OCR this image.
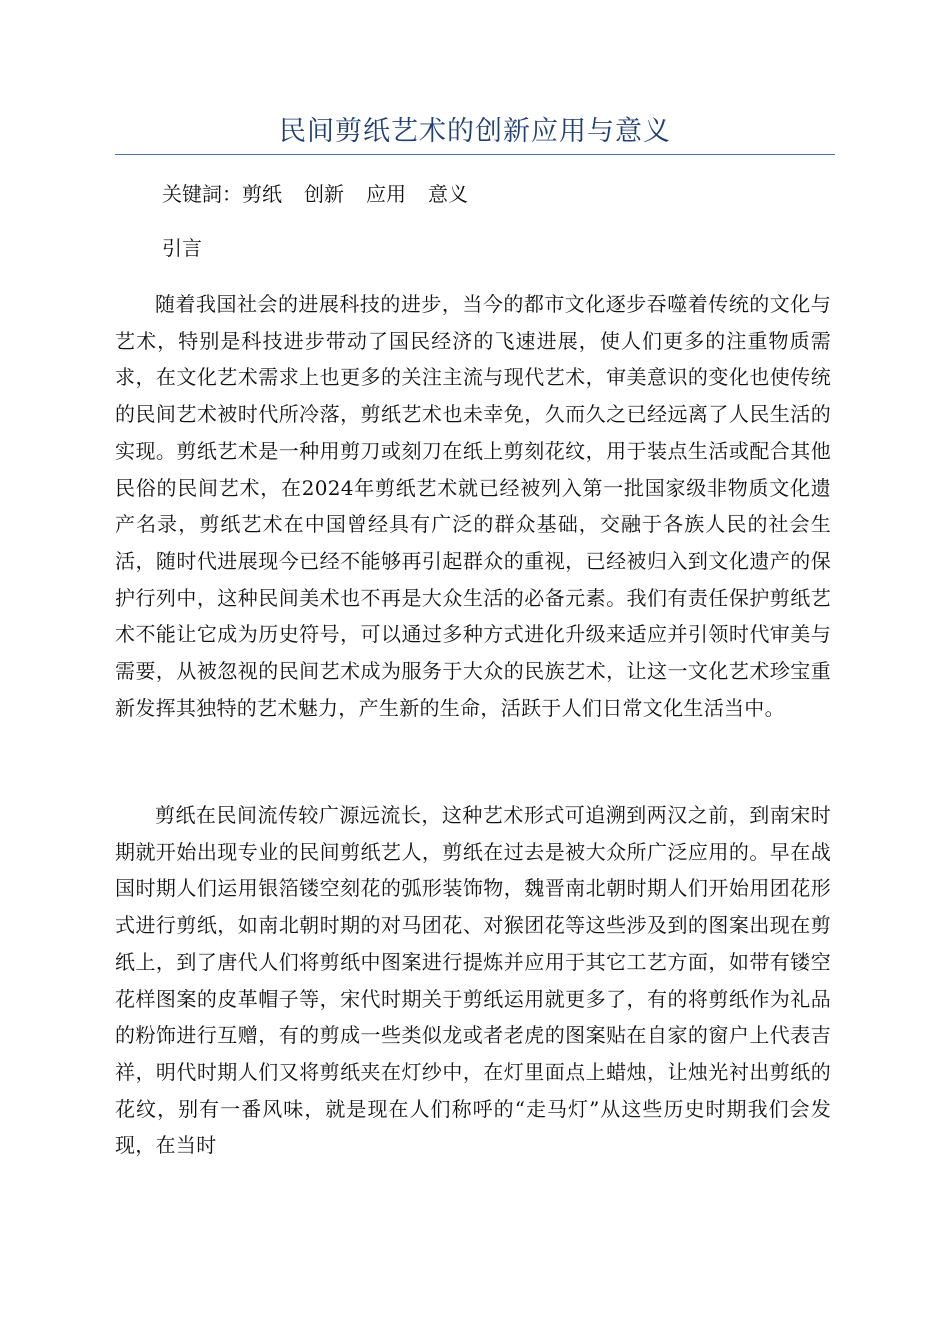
民间剪纸艺术的创新应用与意义
关键詞：剪纸 创新 应用 意义
引言

随着我国社会的进展科技的进步，当今的都市文化逐步吞噬着传统的文化与艺术，特别是科技进步带动了国民经济的飞速进展，使人们更多的注重物质需求，在文化艺术需求上也更多的关注主流与现代艺术，审美意识的变化也使传统的民间艺术被时代所冷落，剪纸艺术也未幸免，久而久之已经远离了人民生活的实现。剪纸艺术是一种用剪刀或刻刀在纸上剪刻花纹，用于装点生活或配合其他民俗的民间艺术，在2024年剪纸艺术就已经被列入第一批国家级非物质文化遗产名录，剪纸艺术在中国曾经具有广泛的群众基础，交融于各族人民的社会生活，随时代进展现今已经不能够再引起群众的重视，已经被归入到文化遗产的保护行列中，这种民间美术也不再是大众生活的必备元素。我们有责任保护剪纸艺术不能让它成为历史符号，可以通过多种方式进化升级来适应并引领时代审美与需要，从被忽视的民间艺术成为服务于大众的民族艺术，让这一文化艺术珍宝重新发挥其独特的艺术魅力，产生新的生命，活跃于人们日常文化生活当中。

剪纸在民间流传较广源远流长，这种艺术形式可追溯到两汉之前，到南宋时期就开始出现专业的民间剪纸艺人，剪纸在过去是被大众所广泛应用的。早在战国时期人们运用银箔镂空刻花的弧形装饰物，魏晋南北朝时期人们开始用团花形式进行剪纸，如南北朝时期的对马团花、对猴团花等这些涉及到的图案出现在剪纸上，到了唐代人们将剪纸中图案进行提炼并应用于其它工艺方面，如带有镂空花样图案的皮革帽子等，宋代时期关于剪纸运用就更多了，有的将剪纸作为礼品的粉饰进行互赠，有的剪成一些类似龙或者老虎的图案贴在自家的窗户上代表吉祥，明代时期人们又将剪纸夹在灯纱中，在灯里面点上蜡烛，让烛光衬出剪纸的花纹，别有一番风味，就是现在人们称呼的“走马灯”从这些历史时期我们会发现，在当时
